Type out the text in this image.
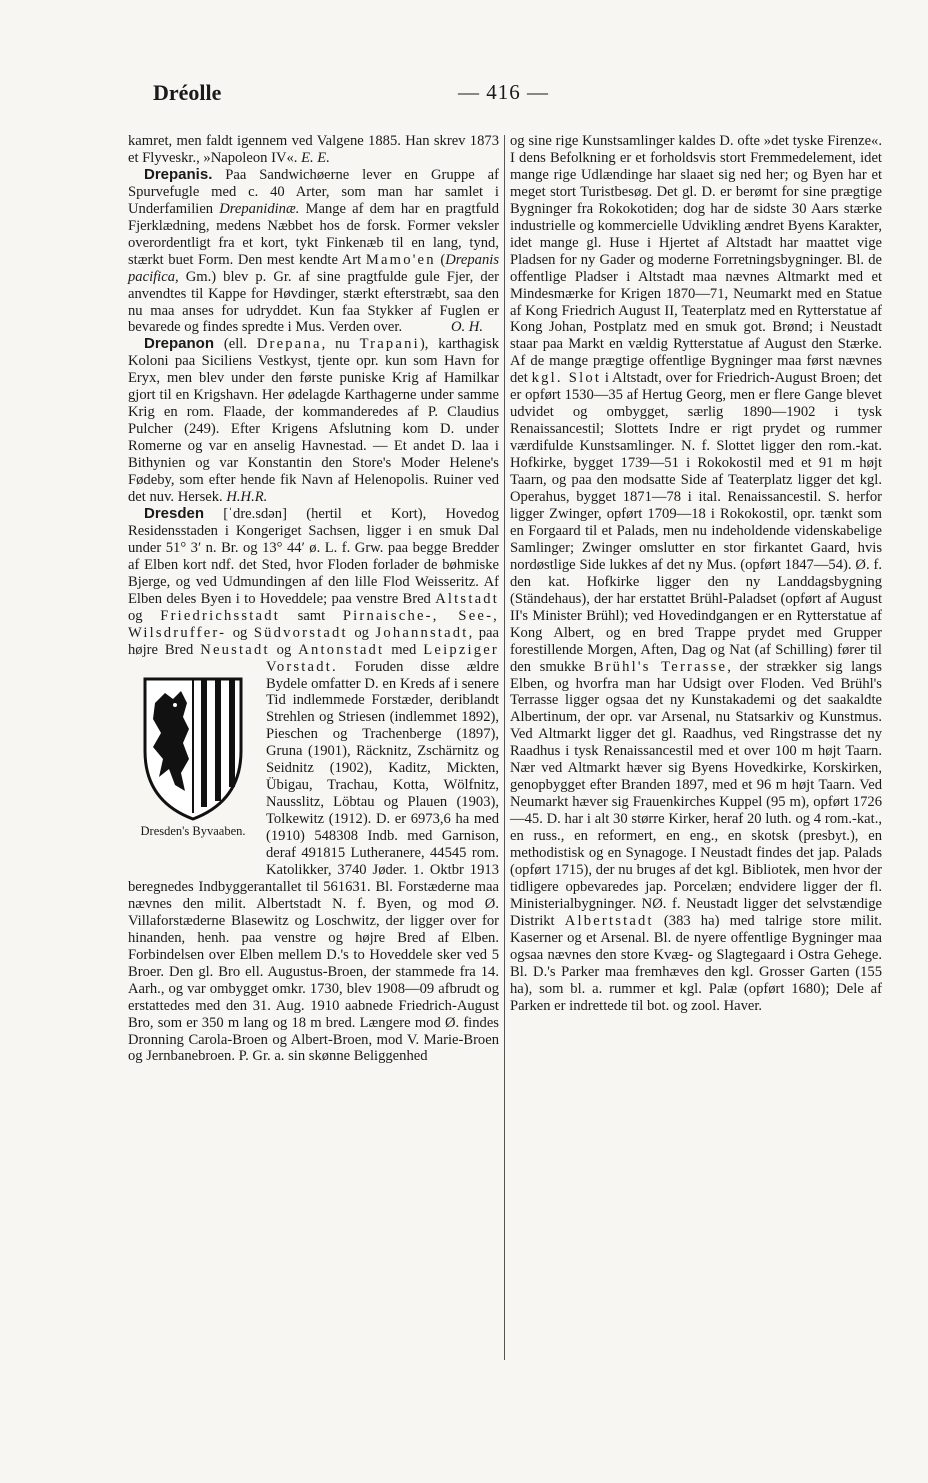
Dréolle	— 416 —

kamret, men faldt igennem ved Valgene 1885. Han skrev 1873 et Flyveskr., »Napoleon IV«. E. E.

Drepanis. Paa Sandwichøerne lever en Gruppe af Spurvefugle med c. 40 Arter, som man har samlet i Underfamilien Drepanidinæ. Mange af dem har en pragtfuld Fjerklædning, medens Næbbet hos de forsk. Former veksler overordentligt fra et kort, tykt Finkenæb til en lang, tynd, stærkt buet Form. Den mest kendte Art Mamo'en (Drepanis pacifica, Gm.) blev p. Gr. af sine pragtfulde gule Fjer, der anvendtes til Kappe for Høvdinger, stærkt efterstræbt, saa den nu maa anses for udryddet. Kun faa Stykker af Fuglen er bevarede og findes spredte i Mus. Verden over.	O. H.

Drepanon (ell. Drepana, nu Trapani), karthagisk Koloni paa Siciliens Vestkyst, tjente opr. kun som Havn for Eryx, men blev under den første puniske Krig af Hamilkar gjort til en Krigshavn. Her ødelagde Karthagerne under samme Krig en rom. Flaade, der kommanderedes af P. Claudius Pulcher (249). Efter Krigens Afslutning kom D. under Romerne og var en anselig Havnestad. — Et andet D. laa i Bithynien og var Konstantin den Store's Moder Helene's Fødeby, som efter hende fik Navn af Helenopolis. Ruiner ved det nuv. Hersek. H.H.R.

Dresden [ˈdre.sdən] (hertil et Kort), Hovedog Residensstaden i Kongeriget Sachsen, ligger i en smuk Dal under 51° 3′ n. Br. og 13° 44′ ø. L. f. Grw. paa begge Bredder af Elben kort ndf. det Sted, hvor Floden forlader de bøhmiske Bjerge, og ved Udmundingen af den lille Flod Weisseritz. Af Elben deles Byen i to Hoveddele; paa venstre Bred Altstadt og Friedrichsstadt samt Pirnaische-, See-, Wilsdruffer- og Südvorstadt og Johannstadt, paa højre Bred Neustadt og Antonstadt med Leipziger Vorstadt.
Dresden's Byvaaben.
Foruden disse ældre Bydele omfatter D. en Kreds af i senere Tid indlemmede Forstæder, deriblandt Strehlen og Striesen (indlemmet 1892), Pieschen og Trachenberge (1897), Gruna (1901), Räcknitz, Zschärnitz og Seidnitz (1902), Kaditz, Mickten, Übigau, Trachau, Kotta, Wölfnitz, Nausslitz, Löbtau og Plauen (1903), Tolkewitz (1912). D. er 6973,6 ha med (1910) 548308 Indb. med Garnison, deraf 491815 Lutheranere, 44545 rom. Katolikker, 3740 Jøder. 1. Oktbr 1913 beregnedes Indbyggerantallet til 561631. Bl. Forstæderne maa nævnes den milit. Albertstadt N. f. Byen, og mod Ø. Villaforstæderne Blasewitz og Loschwitz, der ligger over for hinanden, henh. paa venstre og højre Bred af Elben. Forbindelsen over Elben mellem D.'s to Hoveddele sker ved 5 Broer. Den gl. Bro ell. Augustus-Broen, der stammede fra 14. Aarh., og var ombygget omkr. 1730, blev 1908—09 afbrudt og erstattedes med den 31. Aug. 1910 aabnede Friedrich-August Bro, som er 350 m lang og 18 m bred. Længere mod Ø. findes Dronning Carola-Broen og Albert-Broen, mod V. Marie-Broen og Jernbanebroen. P. Gr. a. sin skønne Beliggenhed

og sine rige Kunstsamlinger kaldes D. ofte »det tyske Firenze«. I dens Befolkning er et forholdsvis stort Fremmedelement, idet mange rige Udlændinge har slaaet sig ned her; og Byen har et meget stort Turistbesøg. Det gl. D. er berømt for sine prægtige Bygninger fra Rokokotiden; dog har de sidste 30 Aars stærke industrielle og kommercielle Udvikling ændret Byens Karakter, idet mange gl. Huse i Hjertet af Altstadt har maattet vige Pladsen for ny Gader og moderne Forretningsbygninger. Bl. de offentlige Pladser i Altstadt maa nævnes Altmarkt med et Mindesmærke for Krigen 1870—71, Neumarkt med en Statue af Kong Friedrich August II, Teaterplatz med en Rytterstatue af Kong Johan, Postplatz med en smuk got. Brønd; i Neustadt staar paa Markt en vældig Rytterstatue af August den Stærke. Af de mange prægtige offentlige Bygninger maa først nævnes det kgl. Slot i Altstadt, over for Friedrich-August Broen; det er opført 1530—35 af Hertug Georg, men er flere Gange blevet udvidet og ombygget, særlig 1890—1902 i tysk Renaissancestil; Slottets Indre er rigt prydet og rummer værdifulde Kunstsamlinger. N. f. Slottet ligger den rom.-kat. Hofkirke, bygget 1739—51 i Rokokostil med et 91 m højt Taarn, og paa den modsatte Side af Teaterplatz ligger det kgl. Operahus, bygget 1871—78 i ital. Renaissancestil. S. herfor ligger Zwinger, opført 1709—18 i Rokokostil, opr. tænkt som en Forgaard til et Palads, men nu indeholdende videnskabelige Samlinger; Zwinger omslutter en stor firkantet Gaard, hvis nordøstlige Side lukkes af det ny Mus. (opført 1847—54). Ø. f. den kat. Hofkirke ligger den ny Landdagsbygning (Ständehaus), der har erstattet Brühl-Paladset (opført af August II's Minister Brühl); ved Hovedindgangen er en Rytterstatue af Kong Albert, og en bred Trappe prydet med Grupper forestillende Morgen, Aften, Dag og Nat (af Schilling) fører til den smukke Brühl's Terrasse, der strækker sig langs Elben, og hvorfra man har Udsigt over Floden. Ved Brühl's Terrasse ligger ogsaa det ny Kunstakademi og det saakaldte Albertinum, der opr. var Arsenal, nu Statsarkiv og Kunstmus. Ved Altmarkt ligger det gl. Raadhus, ved Ringstrasse det ny Raadhus i tysk Renaissancestil med et over 100 m højt Taarn. Nær ved Altmarkt hæver sig Byens Hovedkirke, Korskirken, genopbygget efter Branden 1897, med et 96 m højt Taarn. Ved Neumarkt hæver sig Frauenkirches Kuppel (95 m), opført 1726—45. D. har i alt 30 større Kirker, heraf 20 luth. og 4 rom.-kat., en russ., en reformert, en eng., en skotsk (presbyt.), en methodistisk og en Synagoge. I Neustadt findes det jap. Palads (opført 1715), der nu bruges af det kgl. Bibliotek, men hvor der tidligere opbevaredes jap. Porcelæn; endvidere ligger der fl. Ministerialbygninger. NØ. f. Neustadt ligger det selvstændige Distrikt Albertstadt (383 ha) med talrige store milit. Kaserner og et Arsenal. Bl. de nyere offentlige Bygninger maa ogsaa nævnes den store Kvæg- og Slagtegaard i Ostra Gehege. Bl. D.'s Parker maa fremhæves den kgl. Grosser Garten (155 ha), som bl. a. rummer et kgl. Palæ (opført 1680); Dele af Parken er indrettede til bot. og zool. Haver.
